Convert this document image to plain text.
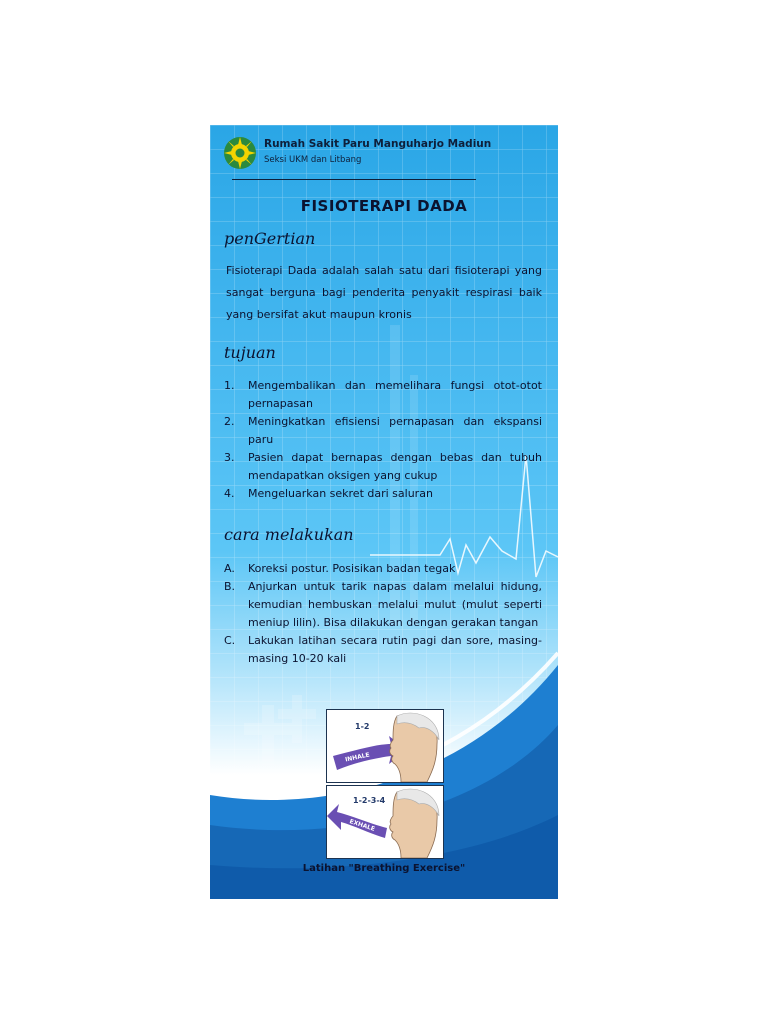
Rumah Sakit Paru Manguharjo Madiun
Seksi UKM dan Litbang
FISIOTERAPI DADA
penGertian
Fisioterapi Dada adalah salah satu dari fisioterapi yang sangat berguna bagi penderita penyakit respirasi baik yang bersifat akut maupun kronis
tujuan
1. Mengembalikan dan memelihara fungsi otot-otot pernapasan
2. Meningkatkan efisiensi pernapasan dan ekspansi paru
3. Pasien dapat bernapas dengan bebas dan tubuh mendapatkan oksigen yang cukup
4. Mengeluarkan sekret dari saluran
cara melakukan
A. Koreksi postur. Posisikan badan tegak
B. Anjurkan untuk tarik napas dalam melalui hidung, kemudian hembuskan melalui mulut (mulut seperti meniup lilin). Bisa dilakukan dengan gerakan tangan
C. Lakukan latihan secara rutin pagi dan sore, masing-masing 10-20 kali
1-2
INHALE
1-2-3-4
EXHALE
Latihan "Breathing Exercise"
